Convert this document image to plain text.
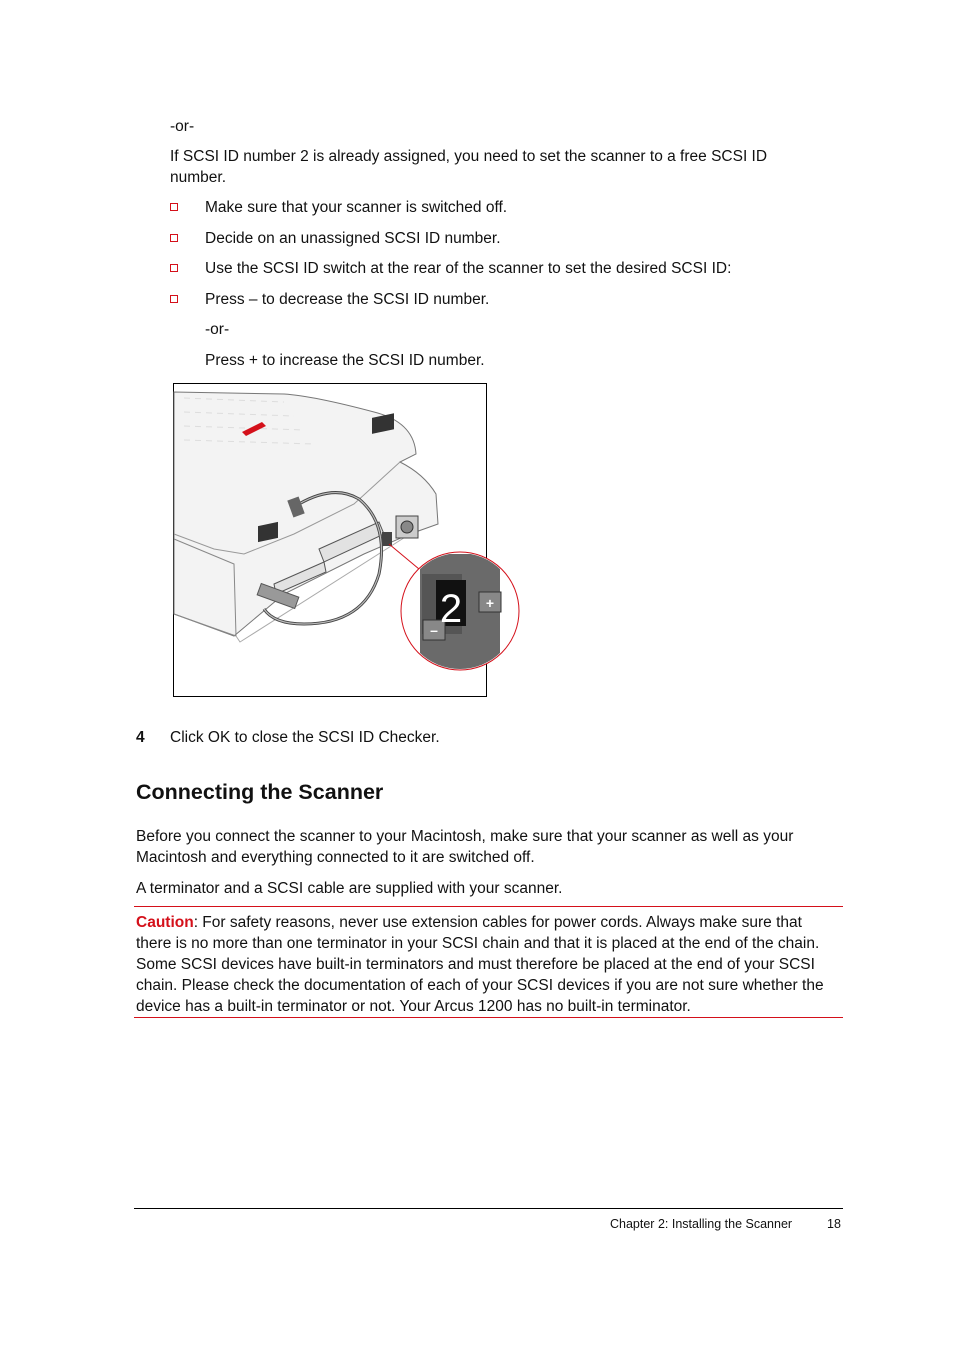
-or-
If SCSI ID number 2 is already assigned, you need to set the scanner to a free SCSI ID number.
Make sure that your scanner is switched off.
Decide on an unassigned SCSI ID number.
Use the SCSI ID switch at the rear of the scanner to set the desired SCSI ID:
Press – to decrease the SCSI ID number.
-or-
Press + to increase the SCSI ID number.
2 +
–
4 Click OK to close the SCSI ID Checker.
Connecting the Scanner
Before you connect the scanner to your Macintosh, make sure that your scanner as well as your Macintosh and everything connected to it are switched off.
A terminator and a SCSI cable are supplied with your scanner.
Caution: For safety reasons, never use extension cables for power cords. Always make sure that there is no more than one terminator in your SCSI chain and that it is placed at the end of the chain. Some SCSI devices have built-in terminators and must therefore be placed at the end of your SCSI chain. Please check the documentation of each of your SCSI devices if you are not sure whether the device has a built-in terminator or not. Your Arcus 1200 has no built-in terminator.
Chapter 2: Installing the Scanner	18
